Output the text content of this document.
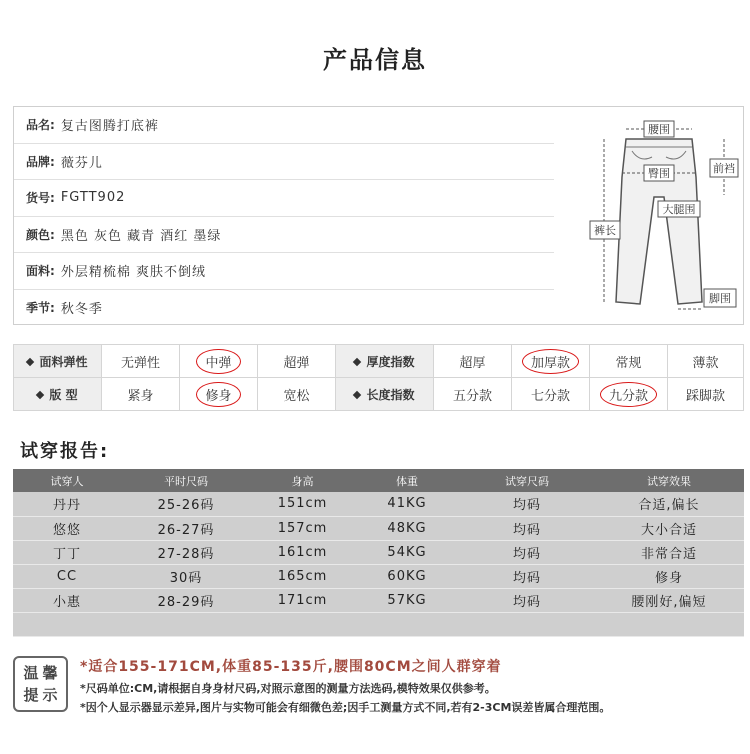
产品信息
品名: 复古图腾打底裤
品牌: 薇芬儿
货号: FGTT902
颜色: 黑色 灰色 藏青 酒红 墨绿
面料: 外层精梳棉 爽肤不倒绒
季节: 秋冬季
腰围
臀围	前裆
大腿围
裤长
脚围
面料弹性	无弹性	中弹	超弹	厚度指数	超厚	加厚款	常规	薄款
版 型	紧身	修身	宽松	长度指数	五分款	七分款	九分款	踩脚款
试穿报告:
试穿人	平时尺码	身高	体重	试穿尺码	试穿效果
丹丹	25-26码	151cm	41KG	均码	合适,偏长
悠悠	26-27码	157cm	48KG	均码	大小合适
丁丁	27-28码	161cm	54KG	均码	非常合适
CC	30码	165cm	60KG	均码	修身
小惠	28-29码	171cm	57KG	均码	腰刚好,偏短

温馨
提示
*适合155-171CM,体重85-135斤,腰围80CM之间人群穿着
*尺码单位:CM,请根据自身身材尺码,对照示意图的测量方法选码,模特效果仅供参考。
*因个人显示器显示差异,图片与实物可能会有细微色差;因手工测量方式不同,若有2-3CM误差皆属合理范围。
